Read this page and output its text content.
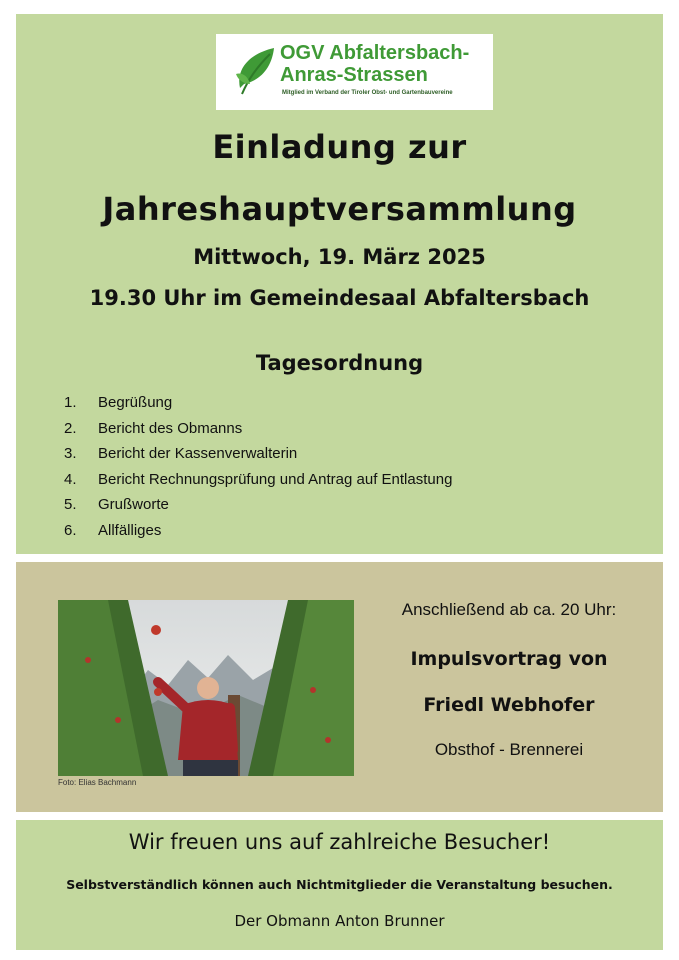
OGV Abfaltersbach-
Anras-Strassen
Mitglied im Verband der Tiroler Obst- und Gartenbauvereine
Einladung zur
Jahreshauptversammlung
Mittwoch, 19. März 2025
19.30 Uhr im Gemeindesaal Abfaltersbach
Tagesordnung
1.	Begrüßung
2.	Bericht des Obmanns
3.	Bericht der Kassenverwalterin
4.	Bericht Rechnungsprüfung und Antrag auf Entlastung
5.	Grußworte
6.	Allfälliges
Foto: Elias Bachmann
Anschließend ab ca. 20 Uhr:
Impulsvortrag von
Friedl Webhofer
Obsthof - Brennerei
Wir freuen uns auf zahlreiche Besucher!
Selbstverständlich können auch Nichtmitglieder die Veranstaltung besuchen.
Der Obmann Anton Brunner
